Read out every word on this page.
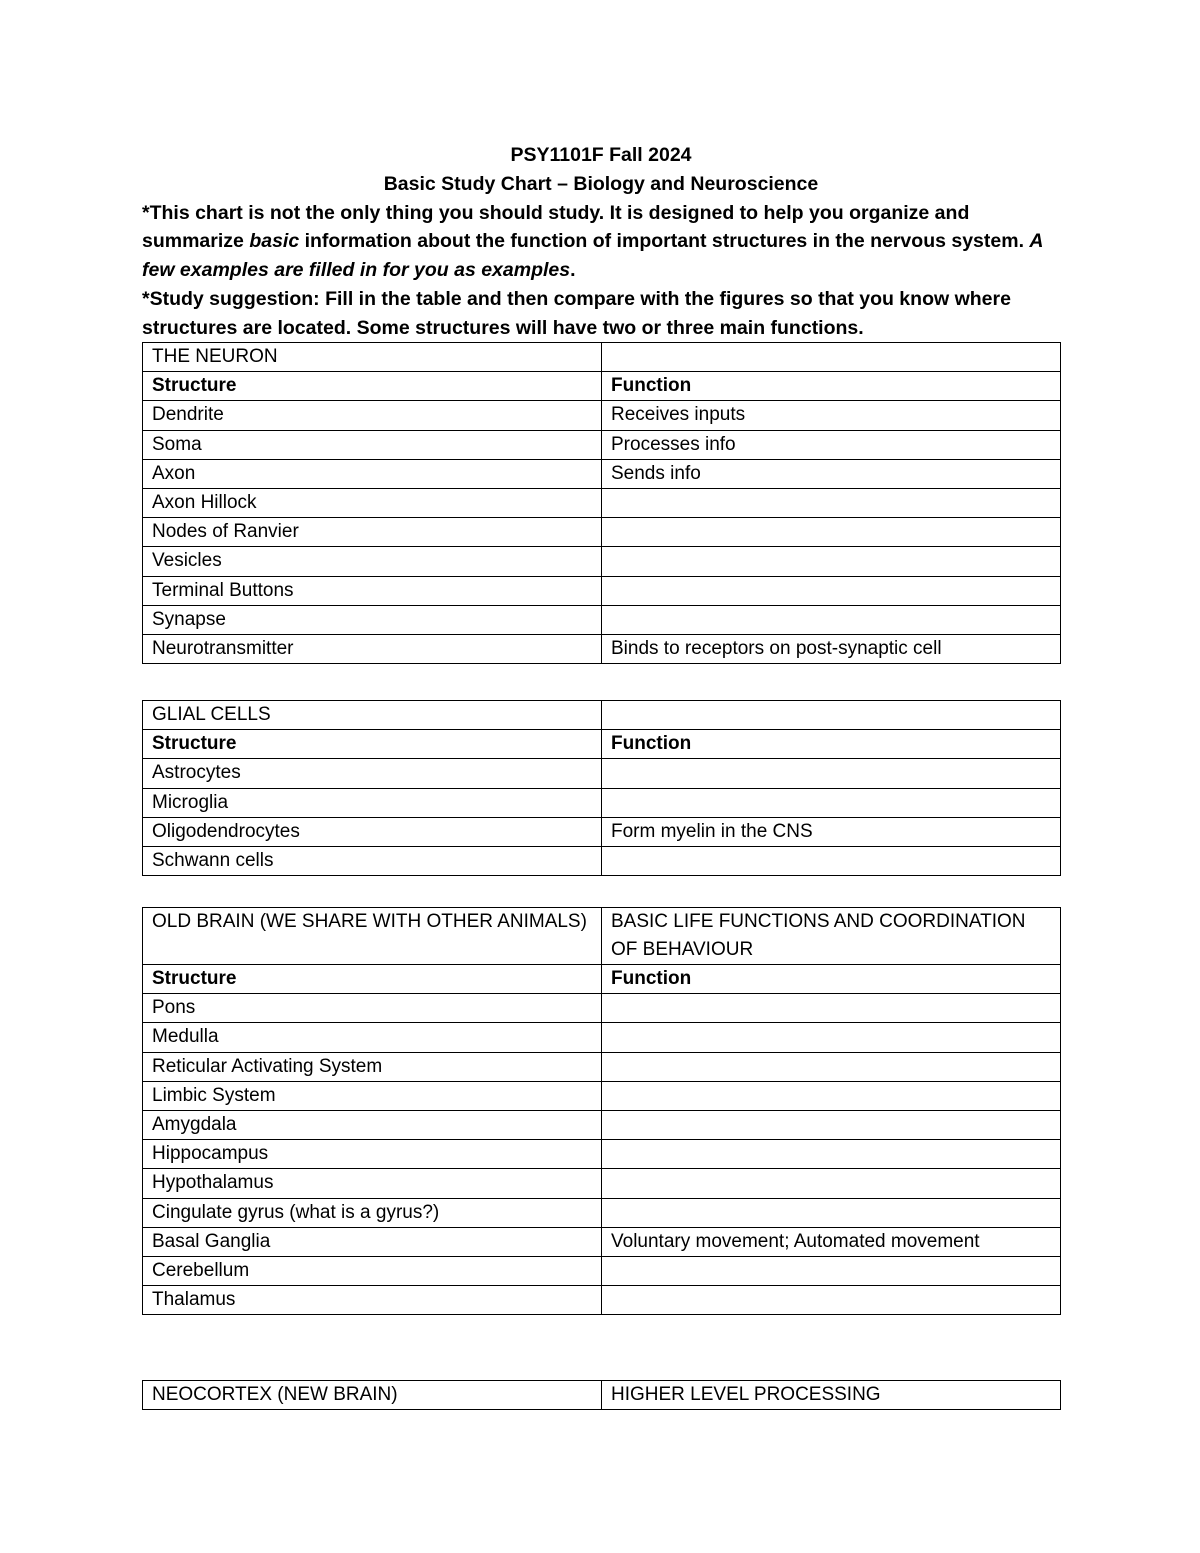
PSY1101F Fall 2024

Basic Study Chart – Biology and Neuroscience

*This chart is not the only thing you should study. It is designed to help you organize and summarize basic information about the function of important structures in the nervous system. A few examples are filled in for you as examples.

*Study suggestion: Fill in the table and then compare with the figures so that you know where structures are located. Some structures will have two or three main functions.

THE NEURON	
Structure	Function
Dendrite	Receives inputs
Soma	Processes info
Axon	Sends info
Axon Hillock	
Nodes of Ranvier	
Vesicles	
Terminal Buttons	
Synapse	
Neurotransmitter	Binds to receptors on post-synaptic cell
GLIAL CELLS	
Structure	Function
Astrocytes	
Microglia	
Oligodendrocytes	Form myelin in the CNS
Schwann cells	
OLD BRAIN (WE SHARE WITH OTHER ANIMALS)	BASIC LIFE FUNCTIONS AND COORDINATION OF BEHAVIOUR
Structure	Function
Pons	
Medulla	
Reticular Activating System	
Limbic System	
Amygdala	
Hippocampus	
Hypothalamus	
Cingulate gyrus (what is a gyrus?)	
Basal Ganglia	Voluntary movement; Automated movement
Cerebellum	
Thalamus	
NEOCORTEX (NEW BRAIN)	HIGHER LEVEL PROCESSING
